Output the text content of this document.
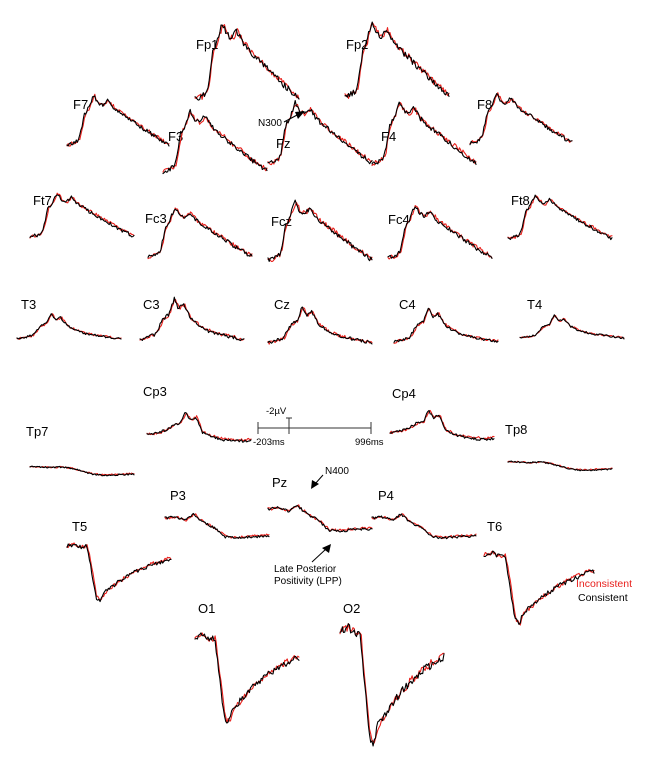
Fp1	Fp2
F7
F3	Fz	F4
F8
Ft7
Fc3	Fcz	Fc4
Ft8
T3	C3	Cz	C4	T4
Cp3	Cp4
Tp7	Tp8
Pz
P3	P4
T5	T6
O1	O2
-2µV
-203ms	996ms
N300
N400
Late Posterior
Positivity (LPP)	Inconsistent
Consistent
